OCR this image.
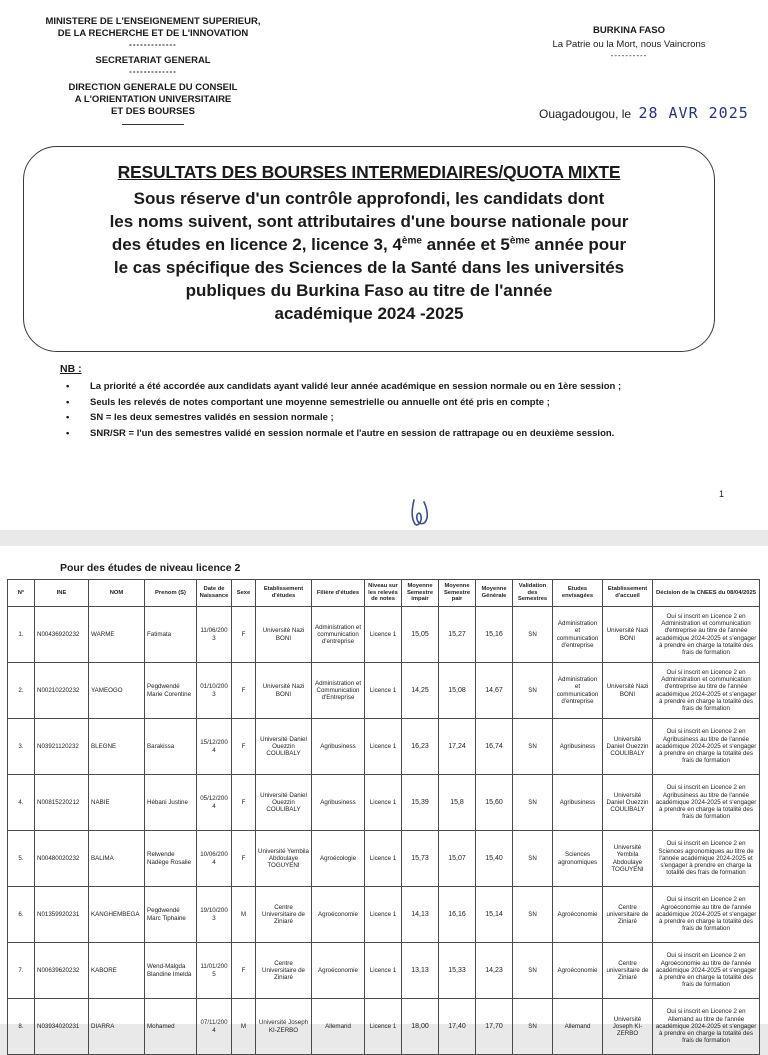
MINISTERE DE L'ENSEIGNEMENT SUPERIEUR,
DE LA RECHERCHE ET DE L'INNOVATION
-------------
SECRETARIAT GENERAL
-------------
DIRECTION GENERALE DU CONSEIL
A L'ORIENTATION UNIVERSITAIRE
ET DES BOURSES
BURKINA FASO
La Patrie ou la Mort, nous Vaincrons
----------
Ouagadougou, le 28 AVR 2025
RESULTATS DES BOURSES INTERMEDIAIRES/QUOTA MIXTE
Sous réserve d'un contrôle approfondi, les candidats dont
les noms suivent, sont attributaires d'une bourse nationale pour
des études en licence 2, licence 3, 4ème année et 5ème année pour
le cas spécifique des Sciences de la Santé dans les universités
publiques du Burkina Faso au titre de l'année
académique 2024 -2025
NB :
• La priorité a été accordée aux candidats ayant validé leur année académique en session normale ou en 1ère session ;
• Seuls les relevés de notes comportant une moyenne semestrielle ou annuelle ont été pris en compte ;
• SN = les deux semestres validés en session normale ;
• SNR/SR = l'un des semestres validé en session normale et l'autre en session de rattrapage ou en deuxième session.
1
Pour des études de niveau licence 2
N°	INE	NOM	Prenom (S)	Date de Naissance	Sexe	Etablissement d'études	Filière d'études	Niveau sur les relevés de notes	Moyenne Semestre impair	Moyenne Semestre pair	Moyenne Générale	Validation des Semestres	Etudes envisagées	Etablissement d'accueil	Décision de la CNEES du 08/04/2025
1.	N00436920232	WARME	Fatimata	11/06/2003	F	Université Nazi BONI	Administration et communication d'entreprise	Licence 1	15,05	15,27	15,16	SN	Administration et communication d'entreprise	Université Nazi BONI	Oui si inscrit en Licence 2 en Administration et communication d'entreprise au titre de l'année académique 2024-2025 et s'engager à prendre en charge la totalité des frais de formation
2.	N00210220232	YAMEOGO	Pegdwendé Marie Corentine	01/10/2003	F	Université Nazi BONI	Administration et Communication d'Entreprise	Licence 1	14,25	15,08	14,67	SN	Administration et communication d'entreprise	Université Nazi BONI	Oui si inscrit en Licence 2 en Administration et communication d'entreprise au titre de l'année académique 2024-2025 et s'engager à prendre en charge la totalité des frais de formation
3.	N03921120232	BLEGNE	Barakissa	15/12/2004	F	Université Daniel Ouezzin COULIBALY	Agribusiness	Licence 1	16,23	17,24	16,74	SN	Agribusiness	Université Daniel Ouezzin COULIBALY	Oui si inscrit en Licence 2 en Agribusiness au titre de l'année académique 2024-2025 et s'engager à prendre en charge la totalité des frais de formation
4.	N00815220212	NABIE	Hébani Justine	05/12/2004	F	Université Daniel Ouezzin COULIBALY	Agribusiness	Licence 1	15,39	15,8	15,60	SN	Agribusiness	Université Daniel Ouezzin COULIBALY	Oui si inscrit en Licence 2 en Agribusiness au titre de l'année académique 2024-2025 et s'engager à prendre en charge la totalité des frais de formation
5.	N00480020232	BALIMA	Relwende Nadège Rosalie	10/06/2004	F	Université Yembila Abdoulaye TOGUYENI	Agroécologie	Licence 1	15,73	15,07	15,40	SN	Sciences agronomiques	Université Yembila Abdoulaye TOGUYENI	Oui si inscrit en Licence 2 en Sciences agronomiques au titre de l'année académique 2024-2025 et s'engager à prendre en charge la totalité des frais de formation
6.	N01359920231	KANGHEMBEGA	Pegdwendé Marc Tiphaine	19/10/2003	M	Centre Universitaire de Ziniaré	Agroéconomie	Licence 1	14,13	16,16	15,14	SN	Agroéconomie	Centre universitaire de Ziniaré	Oui si inscrit en Licence 2 en Agroéconomie au titre de l'année académique 2024-2025 et s'engager à prendre en charge la totalité des frais de formation
7.	N00639620232	KABORE	Wend-Malgda Blandine Imelda	11/01/2005	F	Centre Universitaire de Ziniaré	Agroéconomie	Licence 1	13,13	15,33	14,23	SN	Agroéconomie	Centre universitaire de Ziniaré	Oui si inscrit en Licence 2 en Agroéconomie au titre de l'année académique 2024-2025 et s'engager à prendre en charge la totalité des frais de formation
8.	N03934020231	DIARRA	Mohamed	07/11/2004	M	Université Joseph KI-ZERBO	Allemand	Licence 1	18,00	17,40	17,70	SN	Allemand	Université Joseph KI-ZERBO	Oui si inscrit en Licence 2 en Allemand au titre de l'année académique 2024-2025 et s'engager à prendre en charge la totalité des frais de formation
